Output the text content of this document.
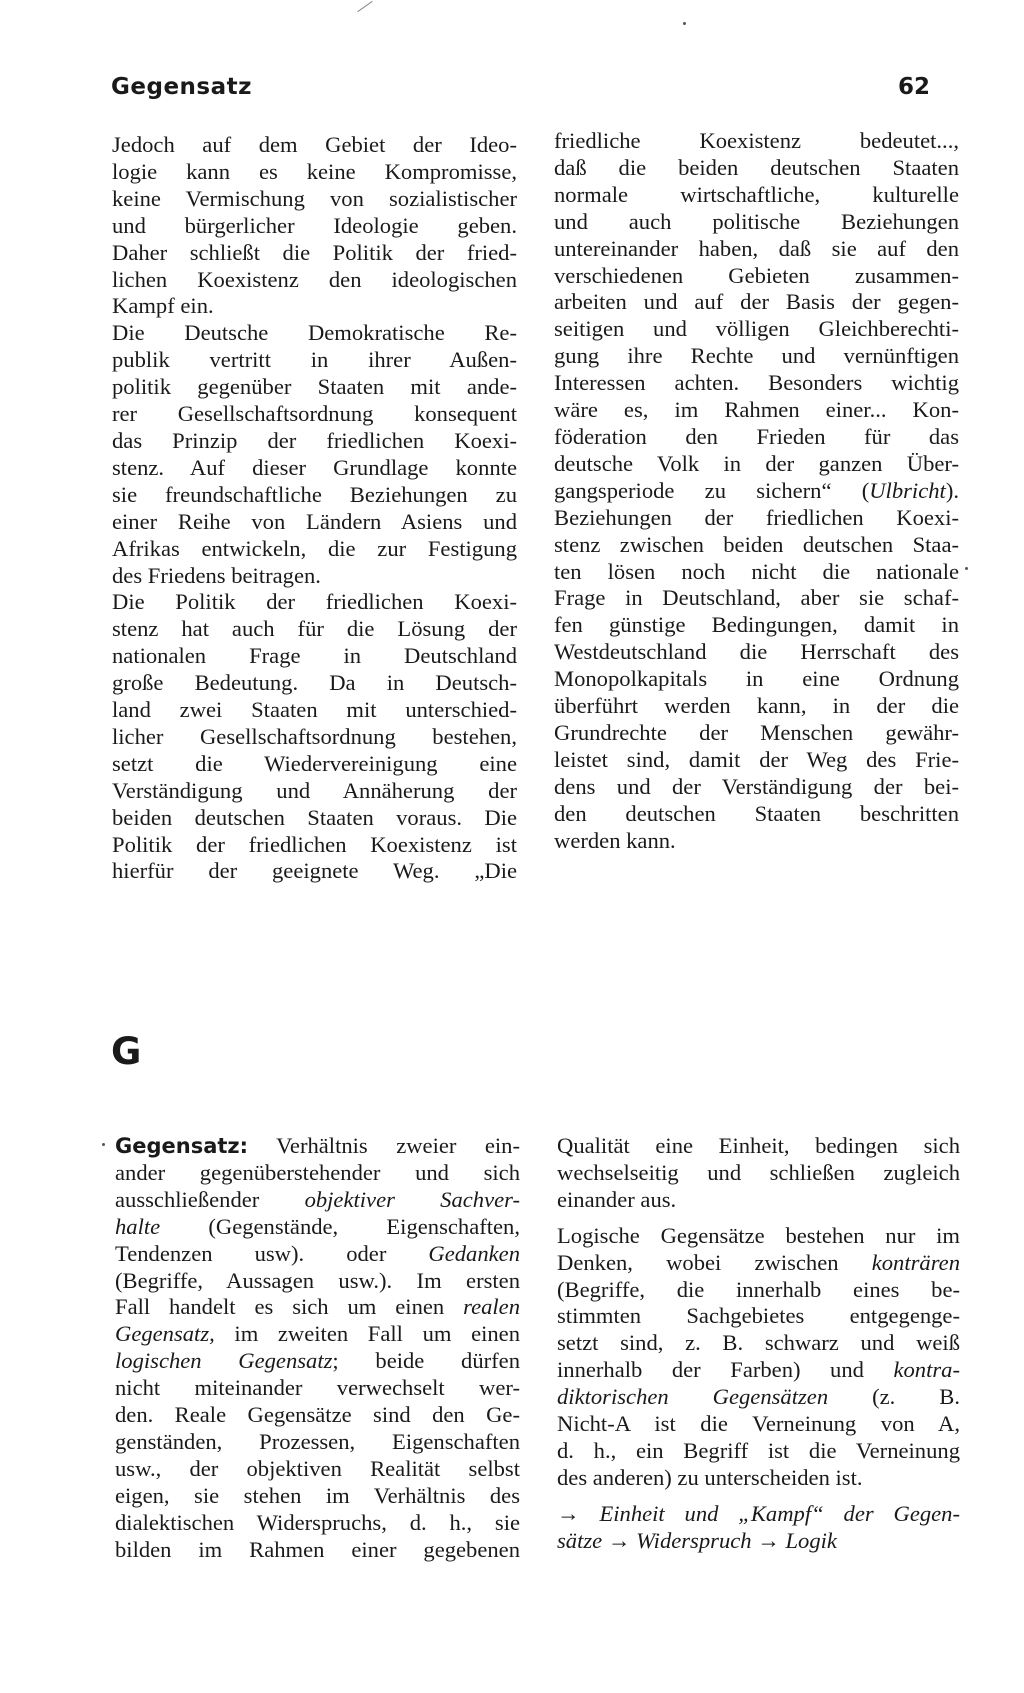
Gegensatz	62
Jedoch auf dem Gebiet der Ideo-
logie kann es keine Kompromisse,
keine Vermischung von sozialistischer
und bürgerlicher Ideologie geben.
Daher schließt die Politik der fried-
lichen Koexistenz den ideologischen
Kampf ein.
Die Deutsche Demokratische Re-
publik vertritt in ihrer Außen-
politik gegenüber Staaten mit ande-
rer Gesellschaftsordnung konsequent
das Prinzip der friedlichen Koexi-
stenz. Auf dieser Grundlage konnte
sie freundschaftliche Beziehungen zu
einer Reihe von Ländern Asiens und
Afrikas entwickeln, die zur Festigung
des Friedens beitragen.
Die Politik der friedlichen Koexi-
stenz hat auch für die Lösung der
nationalen Frage in Deutschland
große Bedeutung. Da in Deutsch-
land zwei Staaten mit unterschied-
licher Gesellschaftsordnung bestehen,
setzt die Wiedervereinigung eine
Verständigung und Annäherung der
beiden deutschen Staaten voraus. Die
Politik der friedlichen Koexistenz ist
hierfür der geeignete Weg. „Die
friedliche Koexistenz bedeutet...,
daß die beiden deutschen Staaten
normale wirtschaftliche, kulturelle
und auch politische Beziehungen
untereinander haben, daß sie auf den
verschiedenen Gebieten zusammen-
arbeiten und auf der Basis der gegen-
seitigen und völligen Gleichberechti-
gung ihre Rechte und vernünftigen
Interessen achten. Besonders wichtig
wäre es, im Rahmen einer... Kon-
föderation den Frieden für das
deutsche Volk in der ganzen Über-
gangsperiode zu sichern“ (Ulbricht).
Beziehungen der friedlichen Koexi-
stenz zwischen beiden deutschen Staa-
ten lösen noch nicht die nationale
Frage in Deutschland, aber sie schaf-
fen günstige Bedingungen, damit in
Westdeutschland die Herrschaft des
Monopolkapitals in eine Ordnung
überführt werden kann, in der die
Grundrechte der Menschen gewähr-
leistet sind, damit der Weg des Frie-
dens und der Verständigung der bei-
den deutschen Staaten beschritten
werden kann.
G
Gegensatz: Verhältnis zweier ein-
ander gegenüberstehender und sich
ausschließender objektiver Sachver-
halte (Gegenstände, Eigenschaften,
Tendenzen usw). oder Gedanken
(Begriffe, Aussagen usw.). Im ersten
Fall handelt es sich um einen realen
Gegensatz, im zweiten Fall um einen
logischen Gegensatz; beide dürfen
nicht miteinander verwechselt wer-
den. Reale Gegensätze sind den Ge-
genständen, Prozessen, Eigenschaften
usw., der objektiven Realität selbst
eigen, sie stehen im Verhältnis des
dialektischen Widerspruchs, d. h., sie
bilden im Rahmen einer gegebenen
Qualität eine Einheit, bedingen sich
wechselseitig und schließen zugleich
einander aus.
Logische Gegensätze bestehen nur im
Denken, wobei zwischen konträren
(Begriffe, die innerhalb eines be-
stimmten Sachgebietes entgegenge-
setzt sind, z. B. schwarz und weiß
innerhalb der Farben) und kontra-
diktorischen Gegensätzen (z. B.
Nicht-A ist die Verneinung von A,
d. h., ein Begriff ist die Verneinung
des anderen) zu unterscheiden ist.
→ Einheit und „Kampf“ der Gegen-
sätze → Widerspruch → Logik
